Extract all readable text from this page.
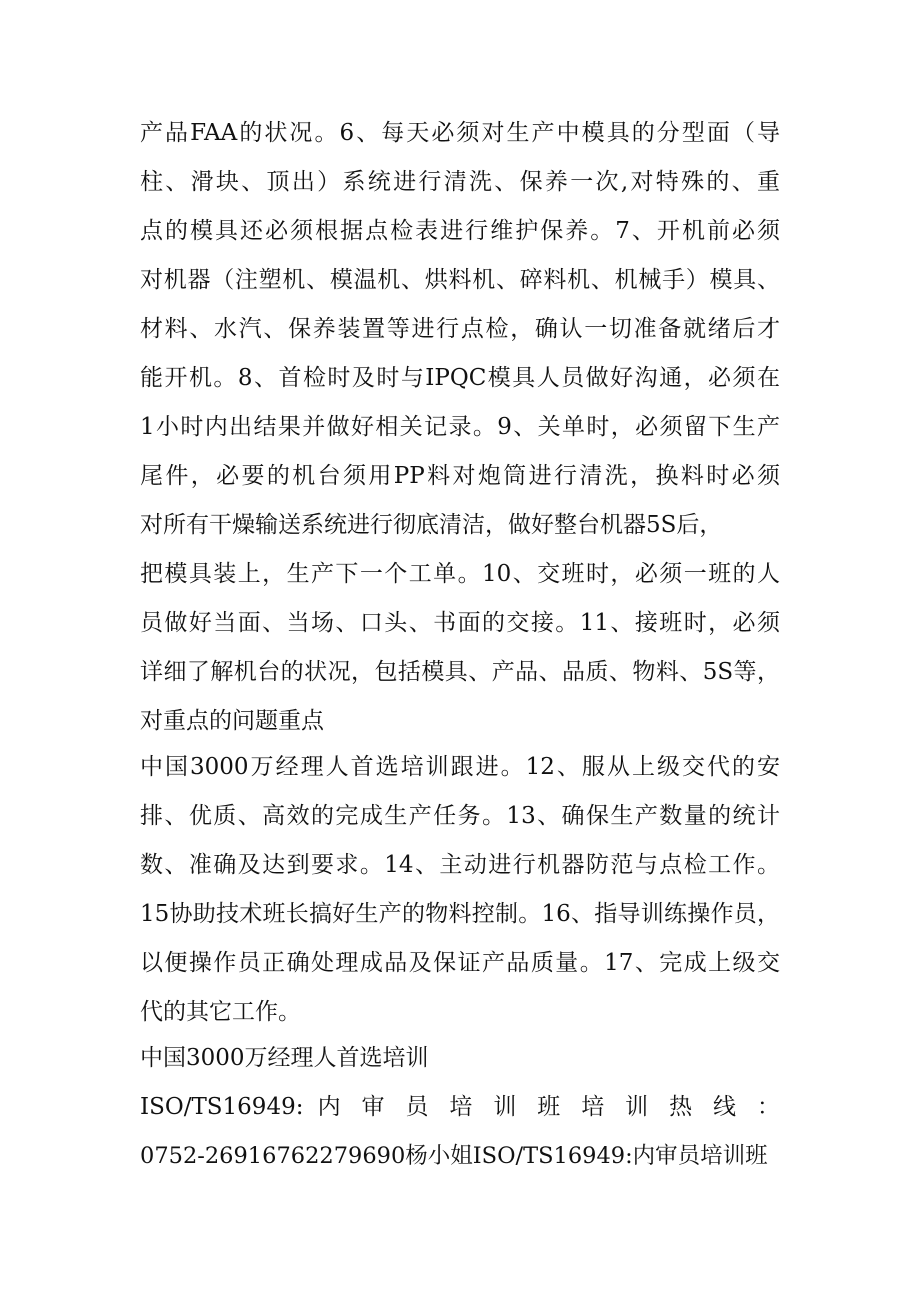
产品FAA的状况。6、每天必须对生产中模具的分型面（导
柱、滑块、顶出）系统进行清洗、保养一次,对特殊的、重
点的模具还必须根据点检表进行维护保养。7、开机前必须
对机器（注塑机、模温机、烘料机、碎料机、机械手）模具、
材料、水汽、保养装置等进行点检，确认一切准备就绪后才
能开机。8、首检时及时与IPQC模具人员做好沟通，必须在
1小时内出结果并做好相关记录。9、关单时，必须留下生产
尾件，必要的机台须用PP料对炮筒进行清洗，换料时必须
对所有干燥输送系统进行彻底清洁，做好整台机器5S后，
把模具装上，生产下一个工单。10、交班时，必须一班的人
员做好当面、当场、口头、书面的交接。11、接班时，必须
详细了解机台的状况，包括模具、产品、品质、物料、5S等，
对重点的问题重点
中国3000万经理人首选培训跟进。12、服从上级交代的安
排、优质、高效的完成生产任务。13、确保生产数量的统计
数、准确及达到要求。14、主动进行机器防范与点检工作。
15协助技术班长搞好生产的物料控制。16、指导训练操作员，
以便操作员正确处理成品及保证产品质量。17、完成上级交
代的其它工作。
中国3000万经理人首选培训
ISO/TS16949: 内 审 员 培 训 班 培 训 热 线 ：
0752-26916762279690杨小姐ISO/TS16949:内审员培训班
